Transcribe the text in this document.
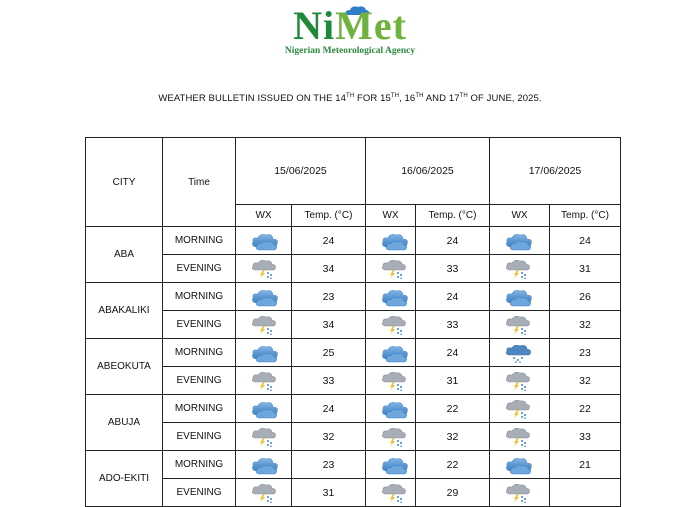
NiMet
Nigerian Meteorological Agency
WEATHER BULLETIN ISSUED ON THE 14TH FOR 15TH, 16TH AND 17TH OF JUNE, 2025.
CITY	Time	15/06/2025		16/06/2025		17/06/2025	
		WX	Temp. (°C)	WX	Temp. (°C)	WX	Temp. (°C)
ABA	MORNING		24		24		24
	EVENING		34		33		31
ABAKALIKI	MORNING		23		24		26
	EVENING		34		33		32
ABEOKUTA	MORNING		25		24		23
	EVENING		33		31		32
ABUJA	MORNING		24		22		22
	EVENING		32		32		33
ADO-EKITI	MORNING		23		22		21
	EVENING		31		29	
